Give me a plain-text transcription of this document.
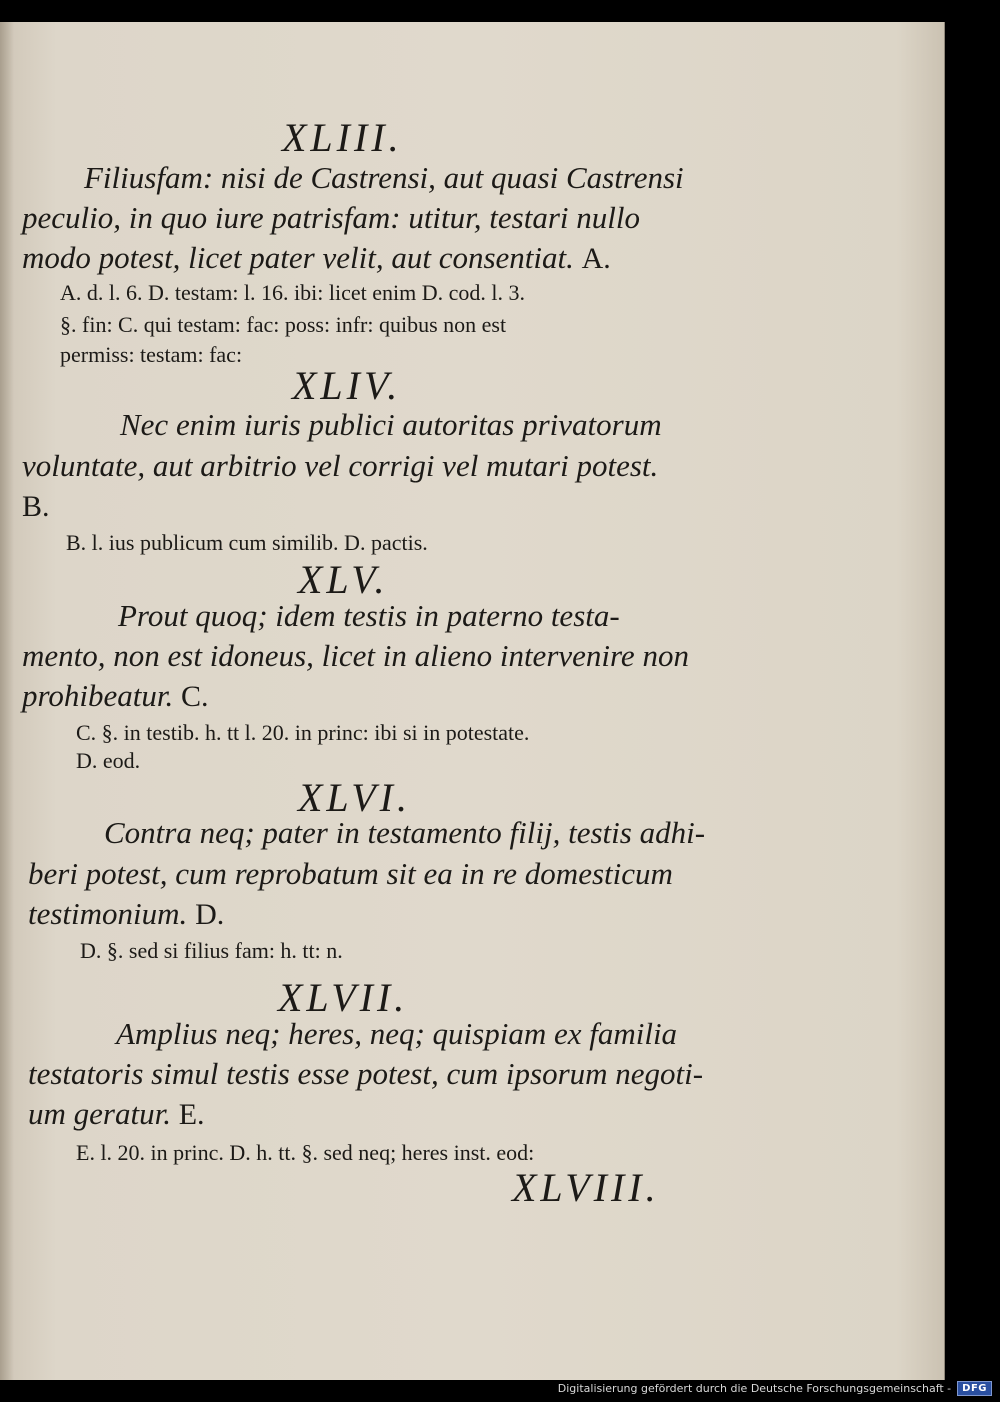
XLIII.
Filiusfam: nisi de Castrensi, aut quasi Castrensi
peculio, in quo iure patrisfam: utitur, testari nullo
modo potest, licet pater velit, aut consentiat. A.
A. d. l. 6. D. testam: l. 16. ibi: licet enim D. cod. l. 3.
§. fin: C. qui testam: fac: poss: infr: quibus non est
permiss: testam: fac:
XLIV.
Nec enim iuris publici autoritas privatorum
voluntate, aut arbitrio vel corrigi vel mutari potest.
B.
B. l. ius publicum cum similib. D. pactis.
XLV.
Prout quoq; idem testis in paterno testa-
mento, non est idoneus, licet in alieno intervenire non
prohibeatur. C.
C. §. in testib. h. tt l. 20. in princ: ibi si in potestate.
D. eod.
XLVI.
Contra neq; pater in testamento filij, testis adhi-
beri potest, cum reprobatum sit ea in re domesticum
testimonium. D.
D. §. sed si filius fam: h. tt: n.
XLVII.
Amplius neq; heres, neq; quispiam ex familia
testatoris simul testis esse potest, cum ipsorum negoti-
um geratur. E.
E. l. 20. in princ. D. h. tt. §. sed neq; heres inst. eod:
XLVIII.
Digitalisierung gefördert durch die Deutsche Forschungsgemeinschaft -	DFG
